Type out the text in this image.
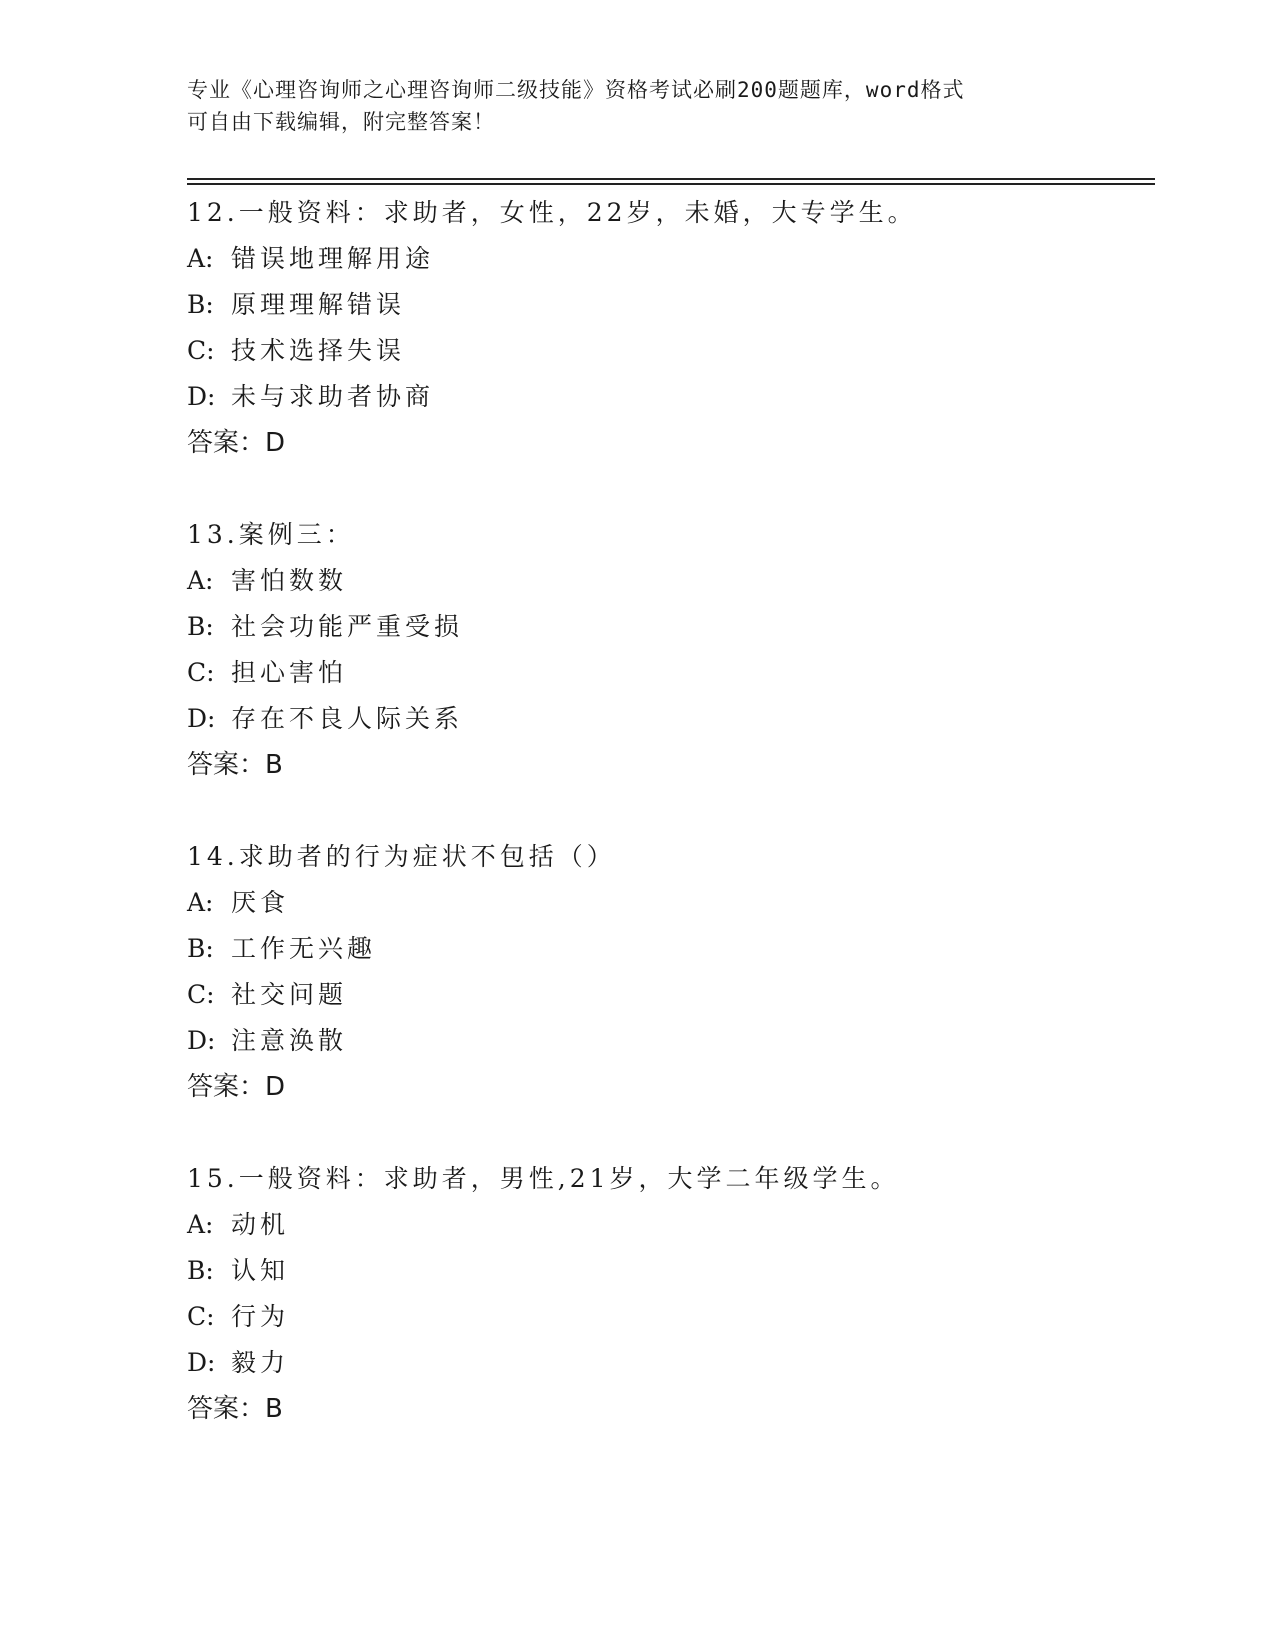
专业《心理咨询师之心理咨询师二级技能》资格考试必刷200题题库，word格式
可自由下载编辑，附完整答案！
12.一般资料：求助者，女性，22岁，未婚，大专学生。
A: 错误地理解用途
B: 原理理解错误
C: 技术选择失误
D: 未与求助者协商
答案：D
13.案例三：
A: 害怕数数
B: 社会功能严重受损
C: 担心害怕
D: 存在不良人际关系
答案：B
14.求助者的行为症状不包括（）
A: 厌食
B: 工作无兴趣
C: 社交问题
D: 注意涣散
答案：D
15.一般资料：求助者，男性,21岁，大学二年级学生。
A: 动机
B: 认知
C: 行为
D: 毅力
答案：B
